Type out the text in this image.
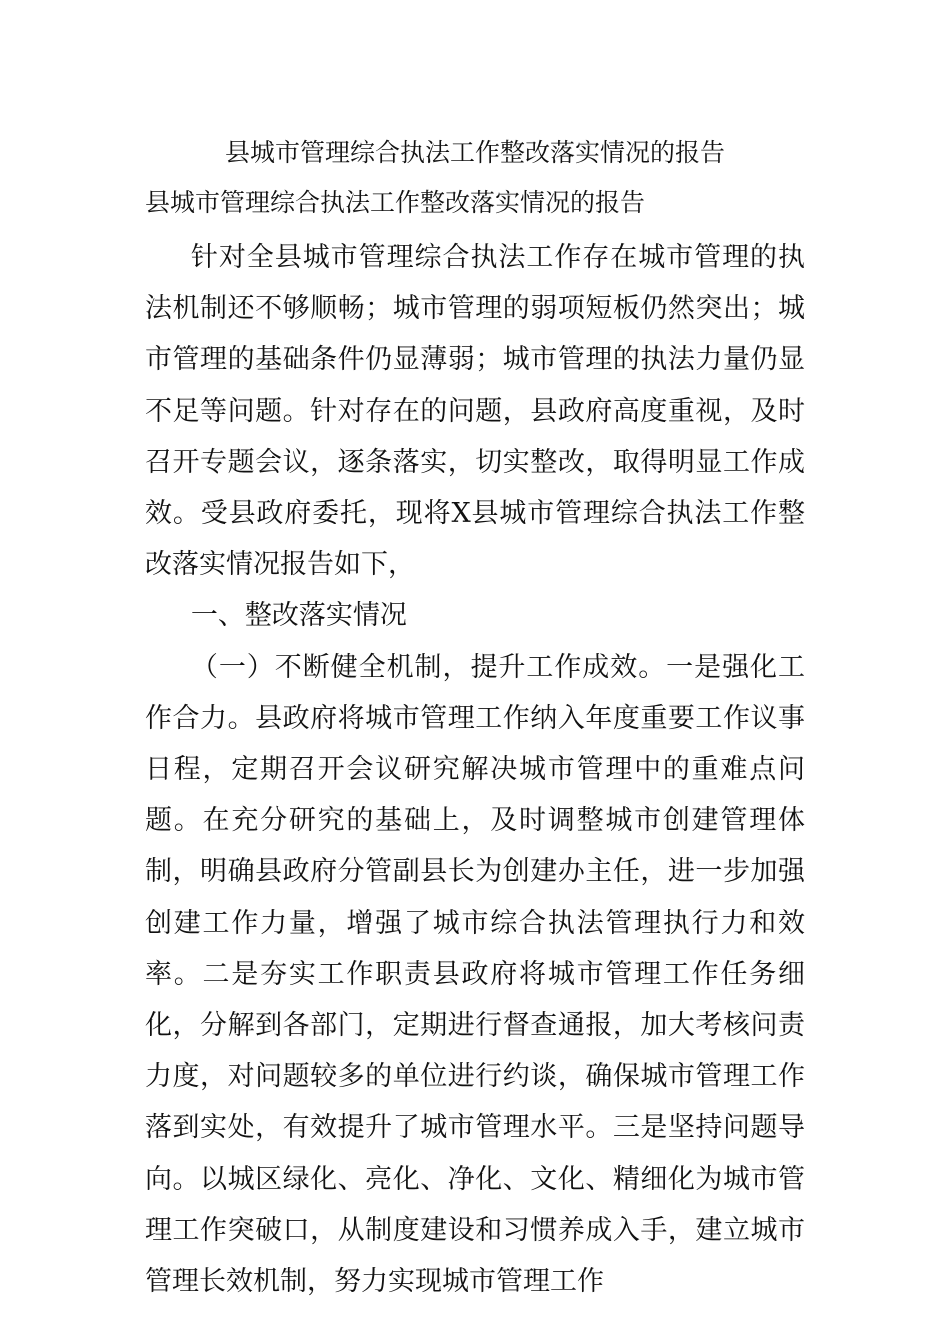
县城市管理综合执法工作整改落实情况的报告
县城市管理综合执法工作整改落实情况的报告

针对全县城市管理综合执法工作存在城市管理的执法机制还不够顺畅；城市管理的弱项短板仍然突出；城市管理的基础条件仍显薄弱；城市管理的执法力量仍显不足等问题。针对存在的问题，县政府高度重视，及时召开专题会议，逐条落实，切实整改，取得明显工作成效。受县政府委托，现将X县城市管理综合执法工作整改落实情况报告如下，

一、整改落实情况

（一）不断健全机制，提升工作成效。一是强化工作合力。县政府将城市管理工作纳入年度重要工作议事日程，定期召开会议研究解决城市管理中的重难点问题。在充分研究的基础上，及时调整城市创建管理体制，明确县政府分管副县长为创建办主任，进一步加强创建工作力量，增强了城市综合执法管理执行力和效率。二是夯实工作职责县政府将城市管理工作任务细化，分解到各部门，定期进行督查通报，加大考核问责力度，对问题较多的单位进行约谈，确保城市管理工作落到实处，有效提升了城市管理水平。三是坚持问题导向。以城区绿化、亮化、净化、文化、精细化为城市管理工作突破口，从制度建设和习惯养成入手，建立城市管理长效机制，努力实现城市管理工作
